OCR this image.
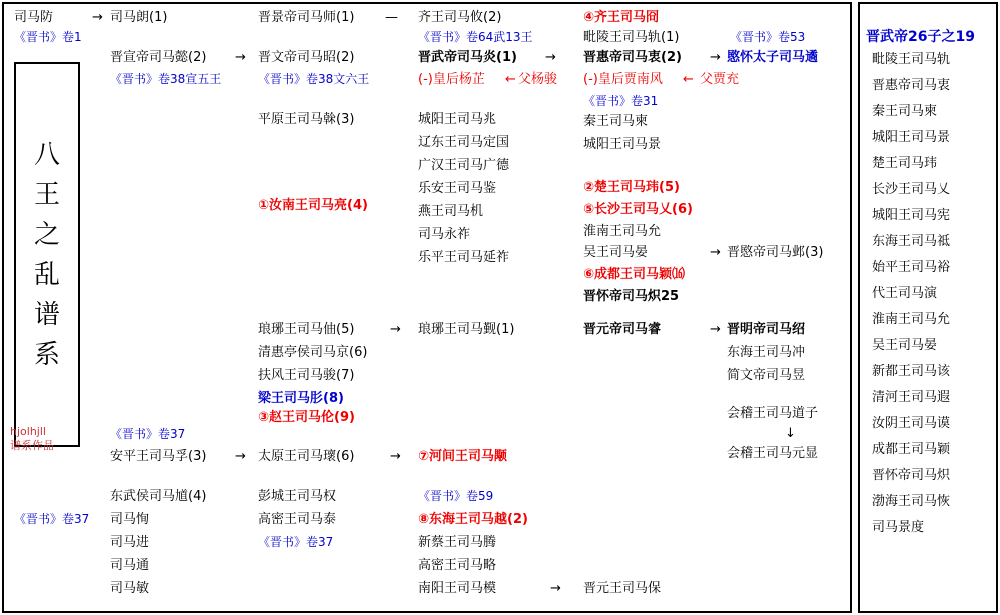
八
王
之
乱
谱
系
hjolhjll
谱系作品
晋武帝26子之19
毗陵王司马轨
晋惠帝司马衷
秦王司马柬
城阳王司马景
楚王司马玮
长沙王司马乂
城阳王司马宪
东海王司马祗
始平王司马裕
代王司马演
淮南王司马允
吴王司马晏
新都王司马该
清河王司马遐
汝阴王司马谟
成都王司马颖
晋怀帝司马炽
渤海王司马恢
司马景度
司马防	→
《晋书》卷1
《晋书》卷37
安平王司马孚(3) →
《晋书》卷37
司马朗(1)
晋宣帝司马懿(2) →
《晋书》卷38宣五王
东武侯司马馗(4)
司马恂
司马进
司马通
司马敏
晋景帝司马师(1) —
晋文帝司马昭(2)
《晋书》卷38文六王
平原王司马榦(3)
①汝南王司马亮(4)
琅琊王司马伷(5)	→
清惠亭侯司马京(6)
扶风王司马骏(7)
梁王司马肜(8)
③赵王司马伦(9)
太原王司马瓌(6)	→
彭城王司马权
高密王司马泰
《晋书》卷37
齐王司马攸(2)
《晋书》卷64武13王
晋武帝司马炎(1) →
(-)皇后杨芷 ← 父杨骏
城阳王司马兆
辽东王司马定国
广汉王司马广德
乐安王司马鉴
燕王司马机
司马永祚
乐平王司马延祚
琅琊王司马觐(1)
⑦河间王司马颙
《晋书》卷59
⑧东海王司马越(2)
新蔡王司马腾
高密王司马略
南阳王司马模	→
④齐王司马冏
毗陵王司马轨(1)	《晋书》卷53
晋惠帝司马衷(2) → 愍怀太子司马遹
(-)皇后贾南风 ← 父贾充
《晋书》卷31
秦王司马柬
城阳王司马景
②楚王司马玮(5)
⑤长沙王司马乂(6)
淮南王司马允
吴王司马晏	→ 晋愍帝司马邺(3)
⑥成都王司马颖⒃
晋怀帝司马炽25
晋元帝司马睿	→ 晋明帝司马绍
东海王司马冲
简文帝司马昱
会稽王司马道子
↓
会稽王司马元显
晋元王司马保
